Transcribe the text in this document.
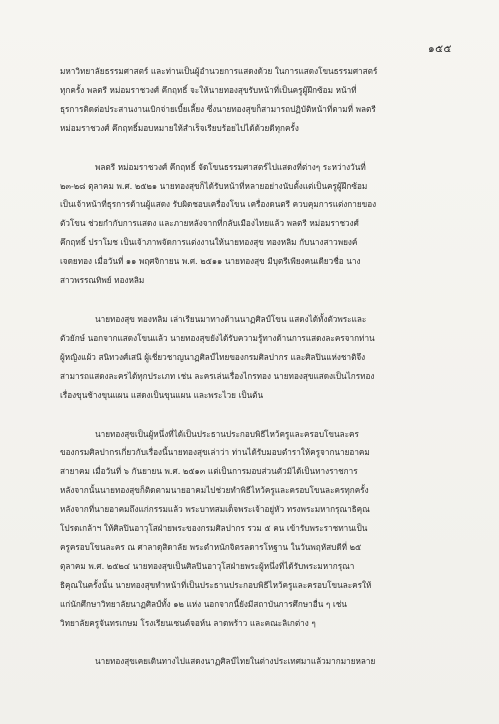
๑๕๕

มหาวิทยาลัยธรรมศาสตร์ และท่านเป็นผู้อำนวยการแสดงด้วย ในการแสดงโขนธรรมศาสตร์
ทุกครั้ง พลตรี หม่อมราชวงศ์ คึกฤทธิ์ จะให้นายทองสุขรับหน้าที่เป็นครูผู้ฝึกซ้อม หน้าที่
ธุรการติดต่อประสานงานเบิกจ่ายเบี้ยเลี้ยง ซึ่งนายทองสุขก็สามารถปฏิบัติหน้าที่ตามที่ พลตรี
หม่อมราชวงศ์ คึกฤทธิ์มอบหมายให้สำเร็จเรียบร้อยไปได้ด้วยดีทุกครั้ง

พลตรี หม่อมราชวงศ์ คึกฤทธิ์ จัดโขนธรรมศาสตร์ไปแสดงที่ต่างๆ ระหว่างวันที่
๒๓-๒๘ ตุลาคม พ.ศ. ๒๕๒๑ นายทองสุขก็ได้รับหน้าที่หลายอย่างนับตั้งแต่เป็นครูผู้ฝึกซ้อม
เป็นเจ้าหน้าที่ธุรการด้านผู้แสดง รับผิดชอบเครื่องโขน เครื่องดนตรี ควบคุมการแต่งกายของ
ตัวโขน ช่วยกำกับการแสดง และภายหลังจากที่กลับเมืองไทยแล้ว พลตรี หม่อมราชวงศ์
คึกฤทธิ์ ปราโมช เป็นเจ้าภาพจัดการแต่งงานให้นายทองสุข ทองหลิม กับนางสาวพยงค์
เจดยทอง เมื่อวันที่ ๑๑ พฤศจิกายน พ.ศ. ๒๕๑๑ นายทองสุข มีบุตรีเพียงคนเดียวชื่อ นาง
สาวพรรณทิพย์ ทองหลิม

นายทองสุข ทองหลิม เล่าเรียนมาทางด้านนาฏศิลป์โขน แสดงได้ทั้งตัวพระและ
ตัวยักษ์ นอกจากแสดงโขนแล้ว นายทองสุขยังได้รับความรู้ทางด้านการแสดงละครจากท่าน
ผู้หญิงแผ้ว สนิทวงศ์เสนี ผู้เชี่ยวชาญนาฏศิลป์ไทยของกรมศิลปากร และศิลปินแห่งชาติจึง
สามารถแสดงละครได้ทุกประเภท เช่น ละครเล่นเรื่องไกรทอง นายทองสุขแสดงเป็นไกรทอง
เรื่องขุนช้างขุนแผน แสดงเป็นขุนแผน และพระไวย เป็นต้น

นายทองสุขเป็นผู้หนึ่งที่ได้เป็นประธานประกอบพิธีไหว้ครูและครอบโขนละคร
ของกรมศิลปากรเกี่ยวกับเรื่องนี้นายทองสุขเล่าว่า ท่านได้รับมอบตำราให้ครูจากนายอาคม
สายาคม เมื่อวันที่ ๖ กันยายน พ.ศ. ๒๕๑๓ แต่เป็นการมอบส่วนตัวมิได้เป็นทางราชการ
หลังจากนั้นนายทองสุขก็ติดตามนายอาคมไปช่วยทำพิธีไหว้ครูและครอบโขนละครทุกครั้ง
หลังจากที่นายอาคมถึงแก่กรรมแล้ว พระบาทสมเด็จพระเจ้าอยู่หัว ทรงพระมหากรุณาธิคุณ
โปรดเกล้าฯ ให้ศิลปินอาวุโสฝ่ายพระของกรมศิลปากร รวม ๕ คน เข้ารับพระราชทานเป็น
ครูครอบโขนละคร ณ ศาลาดุสิดาลัย พระตำหนักจิตรลดารโหฐาน ในวันพฤหัสบดีที่ ๒๕
ตุลาคม พ.ศ. ๒๕๒๔ นายทองสุขเป็นศิลปินอาวุโสฝ่ายพระผู้หนึ่งที่ได้รับพระมหากรุณา
ธิคุณในครั้งนั้น นายทองสุขทำหน้าที่เป็นประธานประกอบพิธีไหว้ครูและครอบโขนละครให้
แก่นักศึกษาวิทยาลัยนาฏศิลป์ทั้ง ๑๒ แห่ง นอกจากนี้ยังมีสถาบันการศึกษาอื่น ๆ เช่น
วิทยาลัยครูจันทรเกษม โรงเรียนเซนต์จอห์น ลาดพร้าว และคณะลิเกต่าง ๆ

นายทองสุขเคยเดินทางไปแสดงนาฏศิลป์ไทยในต่างประเทศมาแล้วมากมายหลาย
